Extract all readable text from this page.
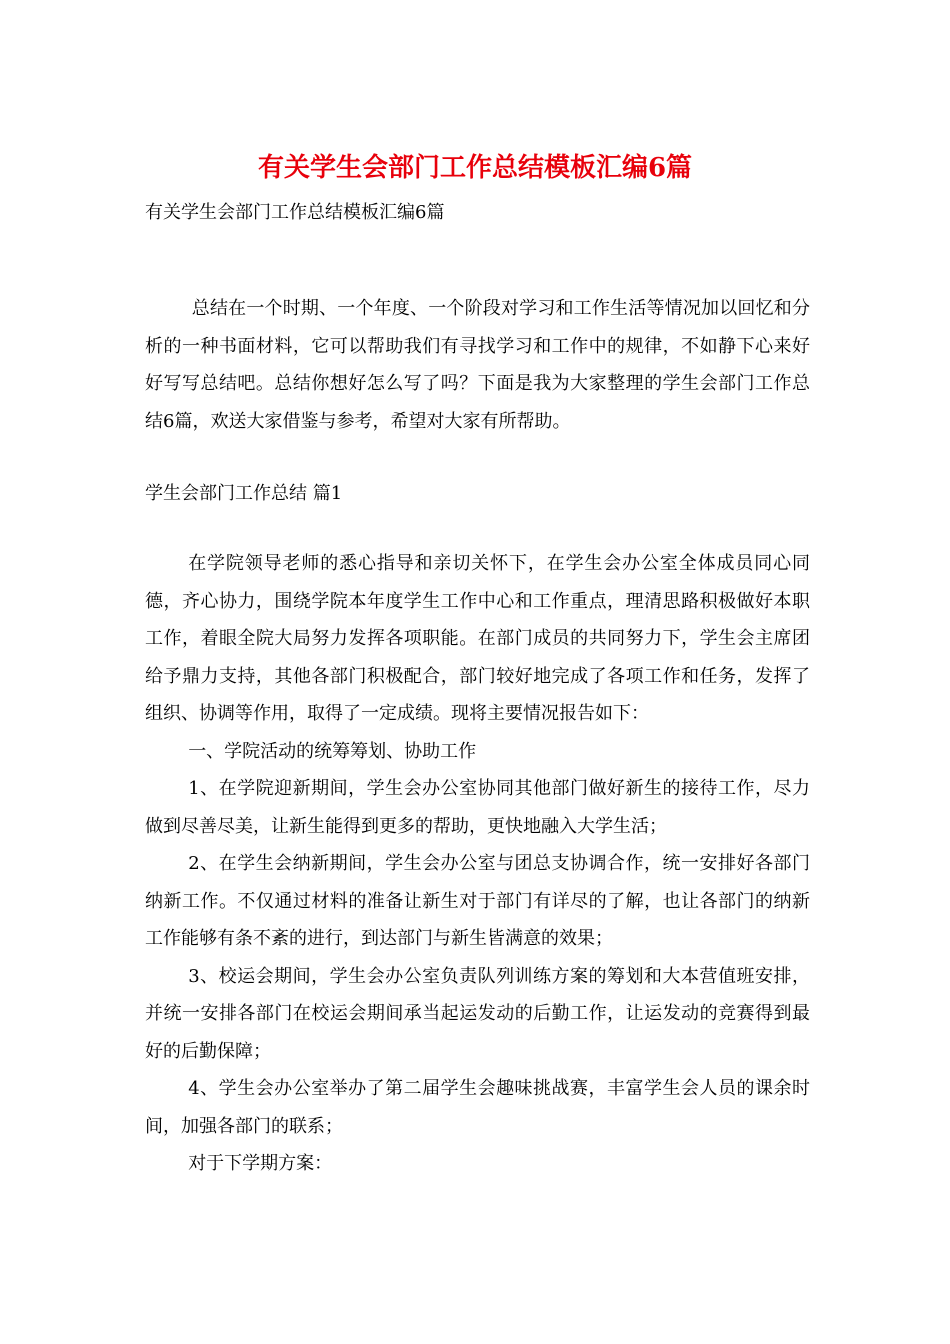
有关学生会部门工作总结模板汇编6篇

有关学生会部门工作总结模板汇编6篇

总结在一个时期、一个年度、一个阶段对学习和工作生活等情况加以回忆和分析的一种书面材料，它可以帮助我们有寻找学习和工作中的规律，不如静下心来好好写写总结吧。总结你想好怎么写了吗？下面是我为大家整理的学生会部门工作总结6篇，欢送大家借鉴与参考，希望对大家有所帮助。

学生会部门工作总结 篇1

在学院领导老师的悉心指导和亲切关怀下，在学生会办公室全体成员同心同德，齐心协力，围绕学院本年度学生工作中心和工作重点，理清思路积极做好本职工作，着眼全院大局努力发挥各项职能。在部门成员的共同努力下，学生会主席团给予鼎力支持，其他各部门积极配合，部门较好地完成了各项工作和任务，发挥了组织、协调等作用，取得了一定成绩。现将主要情况报告如下：

一、学院活动的统筹筹划、协助工作

1、在学院迎新期间，学生会办公室协同其他部门做好新生的接待工作，尽力做到尽善尽美，让新生能得到更多的帮助，更快地融入大学生活；

2、在学生会纳新期间，学生会办公室与团总支协调合作，统一安排好各部门纳新工作。不仅通过材料的准备让新生对于部门有详尽的了解，也让各部门的纳新工作能够有条不紊的进行，到达部门与新生皆满意的效果；

3、校运会期间，学生会办公室负责队列训练方案的筹划和大本营值班安排，并统一安排各部门在校运会期间承当起运发动的后勤工作，让运发动的竞赛得到最好的后勤保障；

4、学生会办公室举办了第二届学生会趣味挑战赛，丰富学生会人员的课余时间，加强各部门的联系；

对于下学期方案：
